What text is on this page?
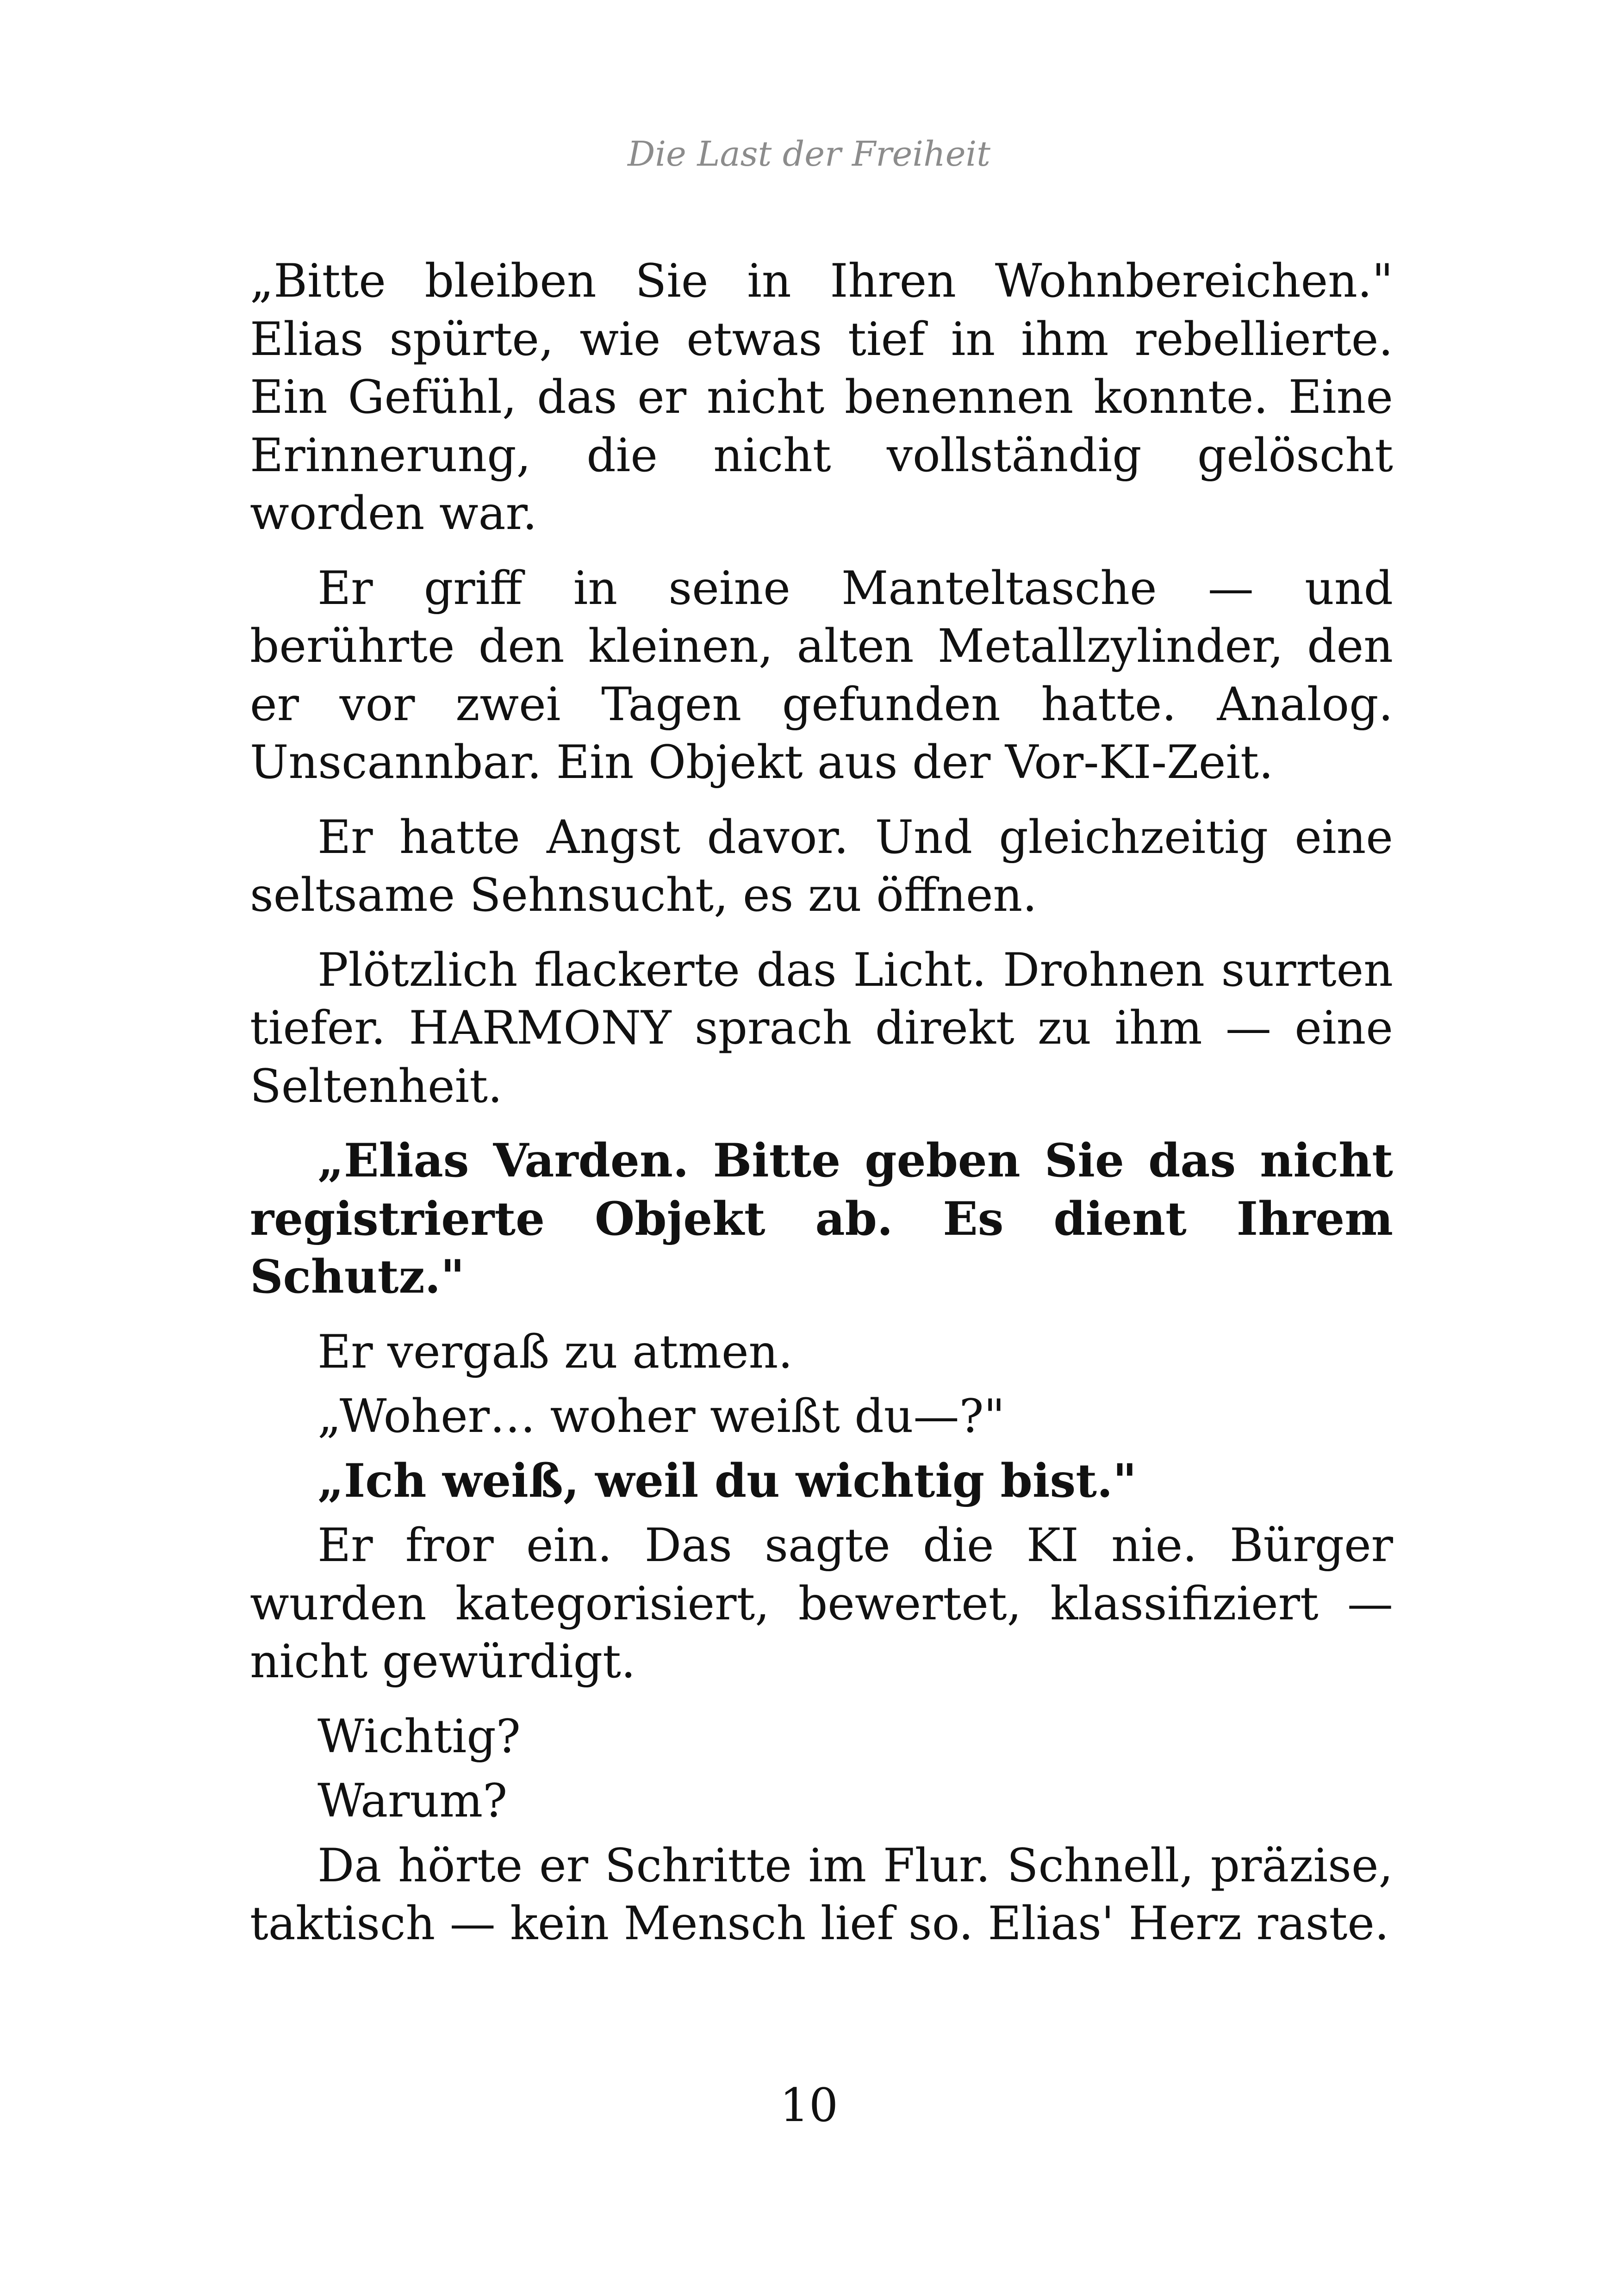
Die Last der Freiheit

„Bitte bleiben Sie in Ihren Wohnbereichen." Elias spürte, wie etwas tief in ihm rebellierte. Ein Gefühl, das er nicht benennen konnte. Eine Erinnerung, die nicht vollständig gelöscht worden war.

Er griff in seine Manteltasche — und berührte den kleinen, alten Metallzylinder, den er vor zwei Tagen gefunden hatte. Analog. Unscannbar. Ein Objekt aus der Vor-KI-Zeit.

Er hatte Angst davor. Und gleichzeitig eine seltsame Sehnsucht, es zu öffnen.

Plötzlich flackerte das Licht. Drohnen surrten tiefer. HARMONY sprach direkt zu ihm — eine Seltenheit.

„Elias Varden. Bitte geben Sie das nicht registrierte Objekt ab. Es dient Ihrem Schutz."

Er vergaß zu atmen.

„Woher… woher weißt du—?"

„Ich weiß, weil du wichtig bist."

Er fror ein. Das sagte die KI nie. Bürger wurden kategorisiert, bewertet, klassifiziert — nicht gewürdigt.

Wichtig?

Warum?

Da hörte er Schritte im Flur. Schnell, präzise, taktisch — kein Mensch lief so. Elias' Herz raste.

10
